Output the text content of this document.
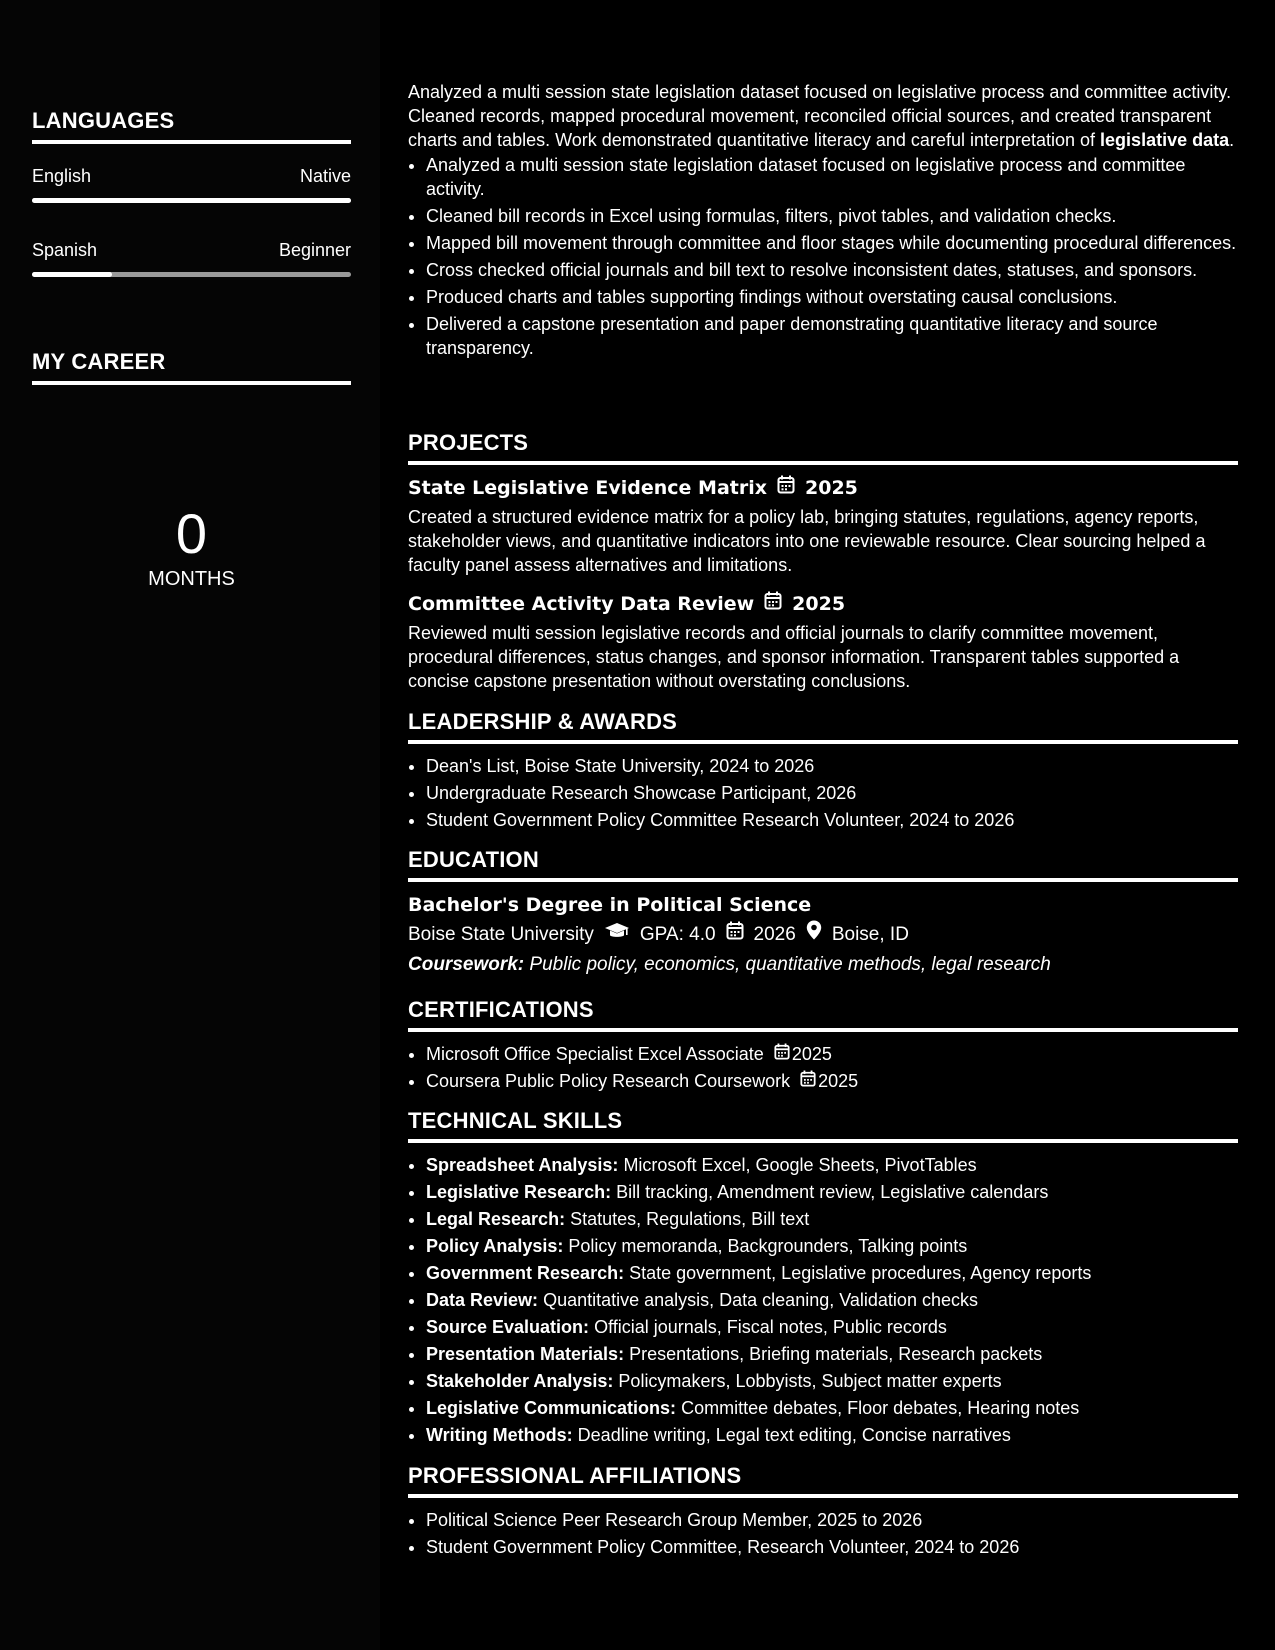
LANGUAGES
English	Native
Spanish	Beginner
MY CAREER
0
MONTHS

Analyzed a multi session state legislation dataset focused on legislative process and committee activity. Cleaned records, mapped procedural movement, reconciled official sources, and created transparent charts and tables. Work demonstrated quantitative literacy and careful interpretation of legislative data.

• Analyzed a multi session state legislation dataset focused on legislative process and committee activity.
• Cleaned bill records in Excel using formulas, filters, pivot tables, and validation checks.
• Mapped bill movement through committee and floor stages while documenting procedural differences.
• Cross checked official journals and bill text to resolve inconsistent dates, statuses, and sponsors.
• Produced charts and tables supporting findings without overstating causal conclusions.
• Delivered a capstone presentation and paper demonstrating quantitative literacy and source transparency.
PROJECTS
State Legislative Evidence Matrix 2025

Created a structured evidence matrix for a policy lab, bringing statutes, regulations, agency reports, stakeholder views, and quantitative indicators into one reviewable resource. Clear sourcing helped a faculty panel assess alternatives and limitations.

Committee Activity Data Review 2025

Reviewed multi session legislative records and official journals to clarify committee movement, procedural differences, status changes, and sponsor information. Transparent tables supported a concise capstone presentation without overstating conclusions.

LEADERSHIP & AWARDS
• Dean's List, Boise State University, 2024 to 2026
• Undergraduate Research Showcase Participant, 2026
• Student Government Policy Committee Research Volunteer, 2024 to 2026
EDUCATION
Bachelor's Degree in Political Science
Boise State University GPA: 4.0 2026 Boise, ID
Coursework: Public policy, economics, quantitative methods, legal research
CERTIFICATIONS
• Microsoft Office Specialist Excel Associate 2025
• Coursera Public Policy Research Coursework 2025
TECHNICAL SKILLS
• Spreadsheet Analysis: Microsoft Excel, Google Sheets, PivotTables
• Legislative Research: Bill tracking, Amendment review, Legislative calendars
• Legal Research: Statutes, Regulations, Bill text
• Policy Analysis: Policy memoranda, Backgrounders, Talking points
• Government Research: State government, Legislative procedures, Agency reports
• Data Review: Quantitative analysis, Data cleaning, Validation checks
• Source Evaluation: Official journals, Fiscal notes, Public records
• Presentation Materials: Presentations, Briefing materials, Research packets
• Stakeholder Analysis: Policymakers, Lobbyists, Subject matter experts
• Legislative Communications: Committee debates, Floor debates, Hearing notes
• Writing Methods: Deadline writing, Legal text editing, Concise narratives
PROFESSIONAL AFFILIATIONS
• Political Science Peer Research Group Member, 2025 to 2026
• Student Government Policy Committee, Research Volunteer, 2024 to 2026
